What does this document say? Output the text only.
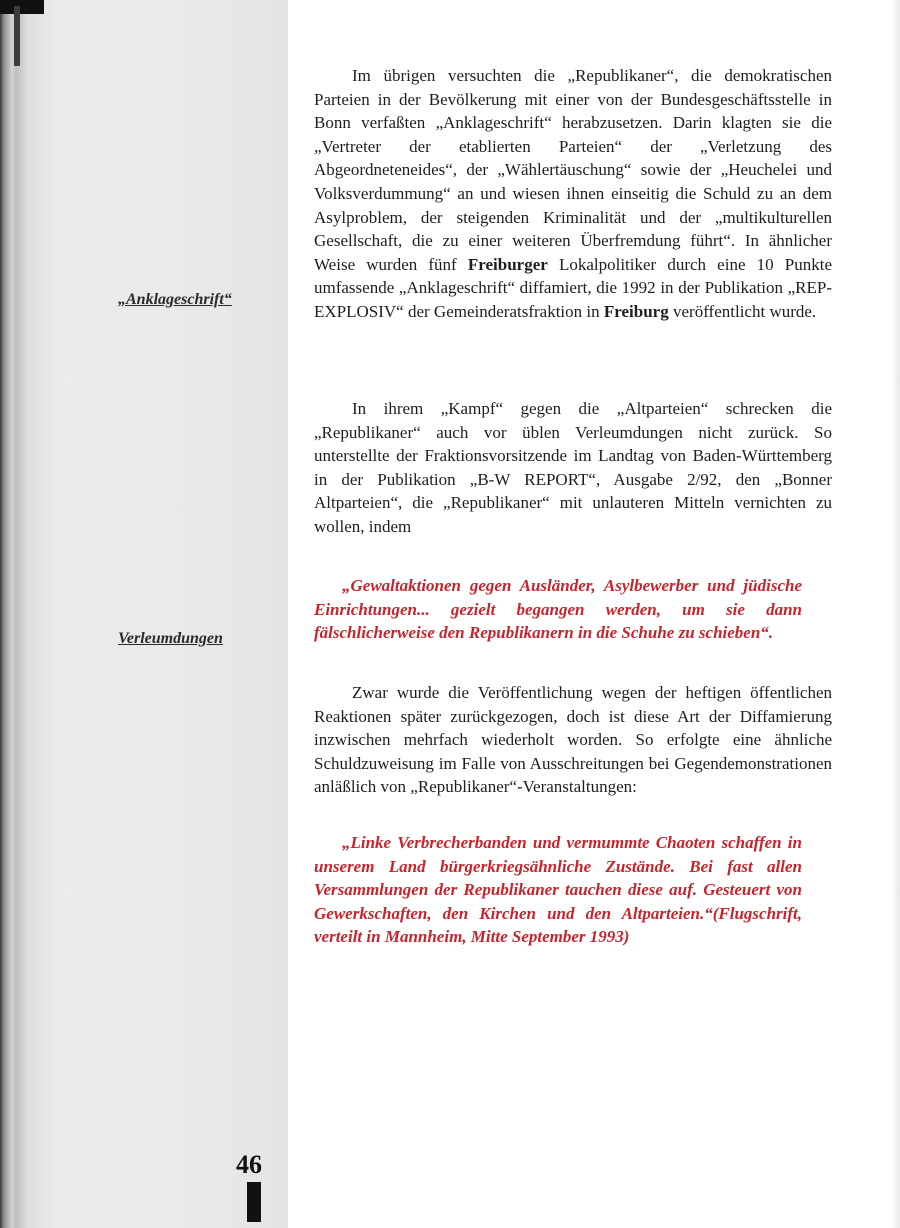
„Anklageschrift“

Verleumdungen

Im übrigen versuchten die „Republikaner“, die demokratischen Parteien in der Bevölkerung mit einer von der Bundesgeschäftsstelle in Bonn verfaßten „Anklageschrift“ herabzusetzen. Darin klagten sie die „Vertreter der etablierten Parteien“ der „Verletzung des Abgeordneteneides“, der „Wählertäuschung“ sowie der „Heuchelei und Volksverdummung“ an und wiesen ihnen einseitig die Schuld zu an dem Asylproblem, der steigenden Kriminalität und der „multikulturellen Gesellschaft, die zu einer weiteren Überfremdung führt“. In ähnlicher Weise wurden fünf Freiburger Lokalpolitiker durch eine 10 Punkte umfassende „Anklageschrift“ diffamiert, die 1992 in der Publikation „REP-EXPLOSIV“ der Gemeinderatsfraktion in Freiburg veröffentlicht wurde.

In ihrem „Kampf“ gegen die „Altparteien“ schrecken die „Republikaner“ auch vor üblen Verleumdungen nicht zurück. So unterstellte der Fraktionsvorsitzende im Landtag von Baden-Württemberg in der Publikation „B-W REPORT“, Ausgabe 2/92, den „Bonner Altparteien“, die „Republikaner“ mit unlauteren Mitteln vernichten zu wollen, indem

„Gewaltaktionen gegen Ausländer, Asylbewerber und jüdische Einrichtungen... gezielt begangen werden, um sie dann fälschlicherweise den Republikanern in die Schuhe zu schieben“.

Zwar wurde die Veröffentlichung wegen der heftigen öffentlichen Reaktionen später zurückgezogen, doch ist diese Art der Diffamierung inzwischen mehrfach wiederholt worden. So erfolgte eine ähnliche Schuldzuweisung im Falle von Ausschreitungen bei Gegendemonstrationen anläßlich von „Republikaner“-Veranstaltungen:

„Linke Verbrecherbanden und vermummte Chaoten schaffen in unserem Land bürgerkriegsähnliche Zustände. Bei fast allen Versammlungen der Republikaner tauchen diese auf. Gesteuert von Gewerkschaften, den Kirchen und den Altparteien.“(Flugschrift, verteilt in Mannheim, Mitte September 1993)

46
